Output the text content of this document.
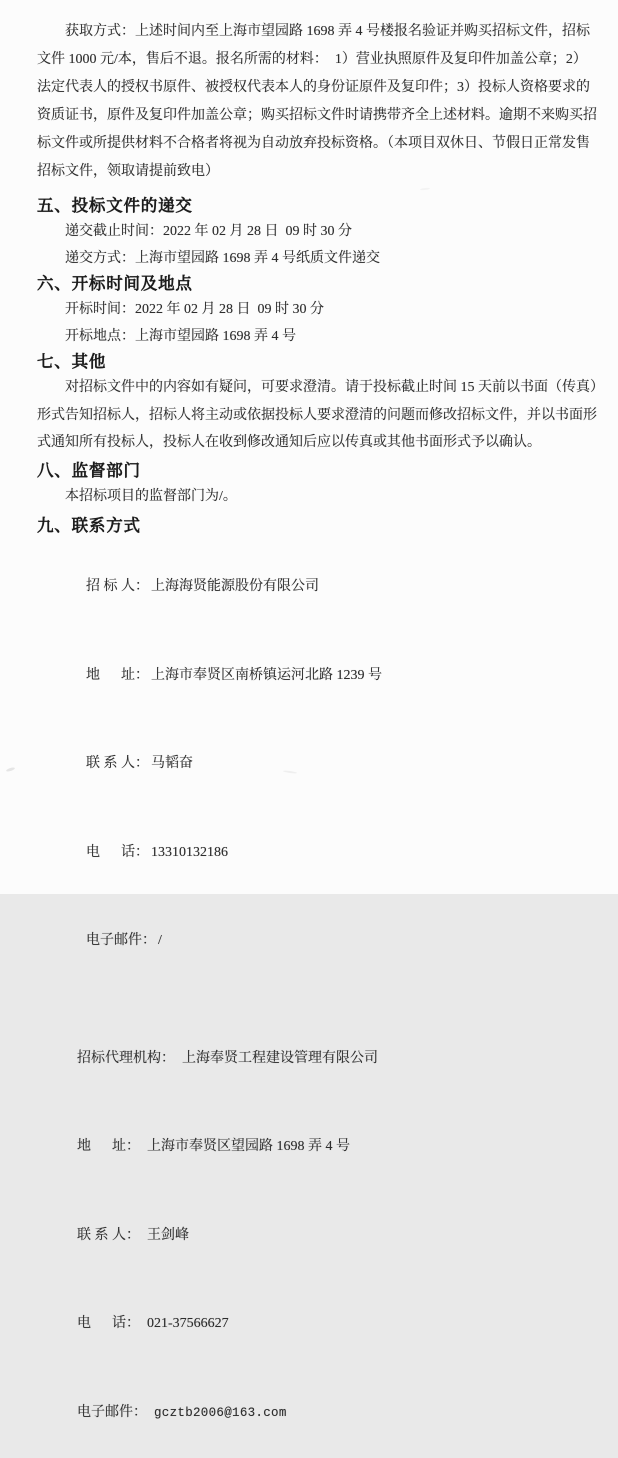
获取方式：上述时间内至上海市望园路 1698 弄 4 号楼报名验证并购买招标文件，招标
文件 1000 元/本，售后不退。报名所需的材料：  1）营业执照原件及复印件加盖公章；2）
法定代表人的授权书原件、被授权代表本人的身份证原件及复印件；3）投标人资格要求的
资质证书，原件及复印件加盖公章；购买招标文件时请携带齐全上述材料。逾期不来购买招
标文件或所提供材料不合格者将视为自动放弃投标资格。（本项目双休日、节假日正常发售
招标文件，领取请提前致电）
五、投标文件的递交
递交截止时间：2022 年 02 月 28 日  09 时 30 分
递交方式：上海市望园路 1698 弄 4 号纸质文件递交
六、开标时间及地点
开标时间：2022 年 02 月 28 日  09 时 30 分
开标地点：上海市望园路 1698 弄 4 号
七、其他
对招标文件中的内容如有疑问，可要求澄清。请于投标截止时间 15 天前以书面（传真）
形式告知招标人，招标人将主动或依据投标人要求澄清的问题而修改招标文件，并以书面形
式通知所有投标人，投标人在收到修改通知后应以传真或其他书面形式予以确认。
八、监督部门
本招标项目的监督部门为/。
九、联系方式

招 标 人： 上海海贤能源股份有限公司

地      址： 上海市奉贤区南桥镇运河北路 1239 号

联 系 人： 马韬奋

电      话： 13310132186

电子邮件： /

招标代理机构： 上海奉贤工程建设管理有限公司

地      址： 上海市奉贤区望园路 1698 弄 4 号

联 系 人： 王剑峰

电      话： 021-37566627

电子邮件： gcztb2006@163.com
